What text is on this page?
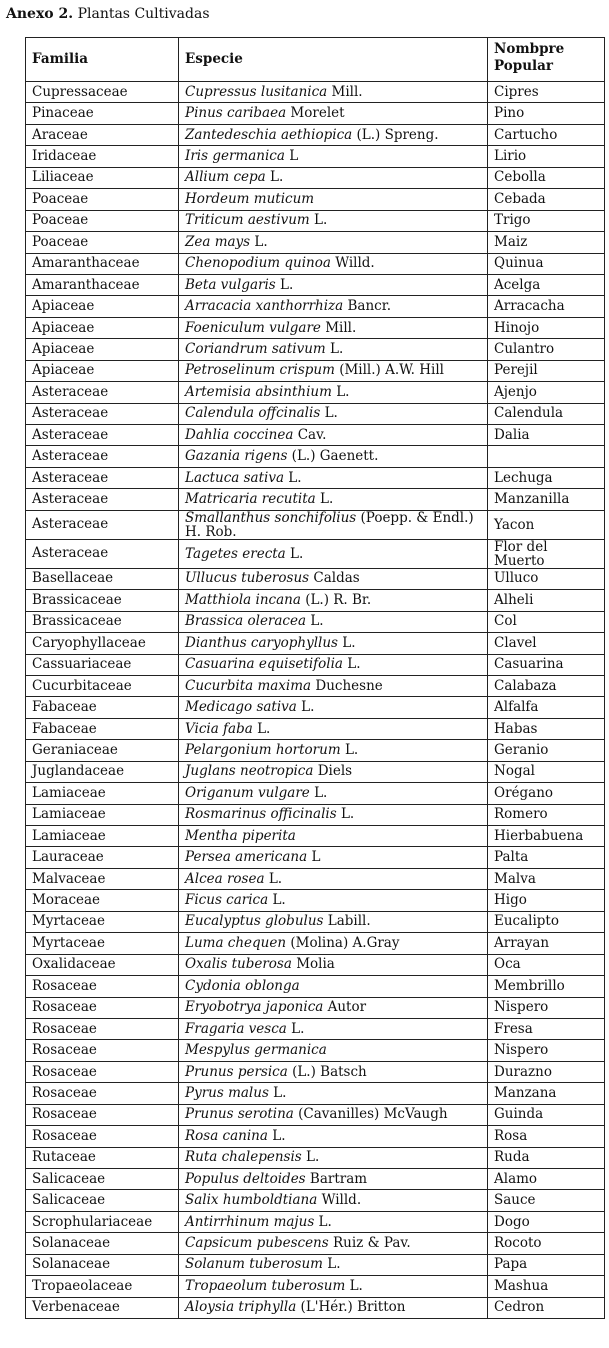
Anexo 2. Plantas Cultivadas
Familia	Especie	Nombpre Popular
Cupressaceae	Cupressus lusitanica Mill.	Cipres
Pinaceae	Pinus caribaea Morelet	Pino
Araceae	Zantedeschia aethiopica (L.) Spreng.	Cartucho
Iridaceae	Iris germanica L	Lirio
Liliaceae	Allium cepa L.	Cebolla
Poaceae	Hordeum muticum	Cebada
Poaceae	Triticum aestivum L.	Trigo
Poaceae	Zea mays L.	Maiz
Amaranthaceae	Chenopodium quinoa Willd.	Quinua
Amaranthaceae	Beta vulgaris L.	Acelga
Apiaceae	Arracacia xanthorrhiza Bancr.	Arracacha
Apiaceae	Foeniculum vulgare Mill.	Hinojo
Apiaceae	Coriandrum sativum L.	Culantro
Apiaceae	Petroselinum crispum (Mill.) A.W. Hill	Perejil
Asteraceae	Artemisia absinthium L.	Ajenjo
Asteraceae	Calendula offcinalis L.	Calendula
Asteraceae	Dahlia coccinea Cav.	Dalia
Asteraceae	Gazania rigens (L.) Gaenett.	
Asteraceae	Lactuca sativa L.	Lechuga
Asteraceae	Matricaria recutita L.	Manzanilla
Asteraceae	Smallanthus sonchifolius (Poepp. & Endl.) H. Rob.	Yacon
Asteraceae	Tagetes erecta L.	Flor del Muerto
Basellaceae	Ullucus tuberosus Caldas	Ulluco
Brassicaceae	Matthiola incana (L.) R. Br.	Alheli
Brassicaceae	Brassica oleracea L.	Col
Caryophyllaceae	Dianthus caryophyllus L.	Clavel
Cassuariaceae	Casuarina equisetifolia L.	Casuarina
Cucurbitaceae	Cucurbita maxima Duchesne	Calabaza
Fabaceae	Medicago sativa L.	Alfalfa
Fabaceae	Vicia faba L.	Habas
Geraniaceae	Pelargonium hortorum L.	Geranio
Juglandaceae	Juglans neotropica Diels	Nogal
Lamiaceae	Origanum vulgare L.	Orégano
Lamiaceae	Rosmarinus officinalis L.	Romero
Lamiaceae	Mentha piperita	Hierbabuena
Lauraceae	Persea americana L	Palta
Malvaceae	Alcea rosea L.	Malva
Moraceae	Ficus carica L.	Higo
Myrtaceae	Eucalyptus globulus Labill.	Eucalipto
Myrtaceae	Luma chequen (Molina) A.Gray	Arrayan
Oxalidaceae	Oxalis tuberosa Molia	Oca
Rosaceae	Cydonia oblonga	Membrillo
Rosaceae	Eryobotrya japonica Autor	Nispero
Rosaceae	Fragaria vesca L.	Fresa
Rosaceae	Mespylus germanica	Nispero
Rosaceae	Prunus persica (L.) Batsch	Durazno
Rosaceae	Pyrus malus L.	Manzana
Rosaceae	Prunus serotina (Cavanilles) McVaugh	Guinda
Rosaceae	Rosa canina L.	Rosa
Rutaceae	Ruta chalepensis L.	Ruda
Salicaceae	Populus deltoides Bartram	Alamo
Salicaceae	Salix humboldtiana Willd.	Sauce
Scrophulariaceae	Antirrhinum majus L.	Dogo
Solanaceae	Capsicum pubescens Ruiz & Pav.	Rocoto
Solanaceae	Solanum tuberosum L.	Papa
Tropaeolaceae	Tropaeolum tuberosum L.	Mashua
Verbenaceae	Aloysia triphylla (L'Hér.) Britton	Cedron
